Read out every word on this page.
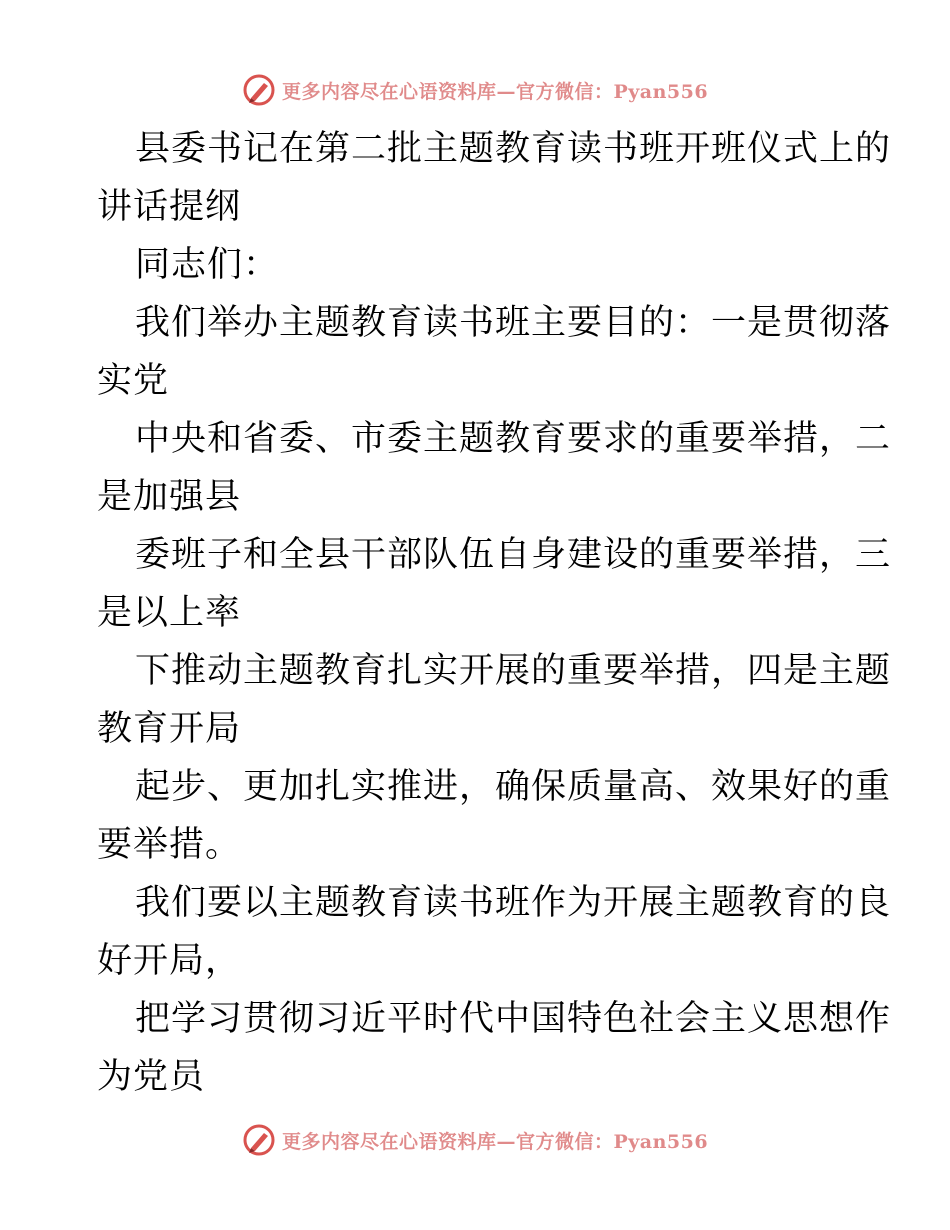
更多内容尽在心语资料库—官方微信：Pyan556
县委书记在第二批主题教育读书班开班仪式上的
讲话提纲
同志们：
我们举办主题教育读书班主要目的：一是贯彻落
实党
中央和省委、市委主题教育要求的重要举措，二
是加强县
委班子和全县干部队伍自身建设的重要举措，三
是以上率
下推动主题教育扎实开展的重要举措，四是主题
教育开局
起步、更加扎实推进，确保质量高、效果好的重
要举措。
我们要以主题教育读书班作为开展主题教育的良
好开局，
把学习贯彻习近平时代中国特色社会主义思想作
为党员
更多内容尽在心语资料库—官方微信：Pyan556
